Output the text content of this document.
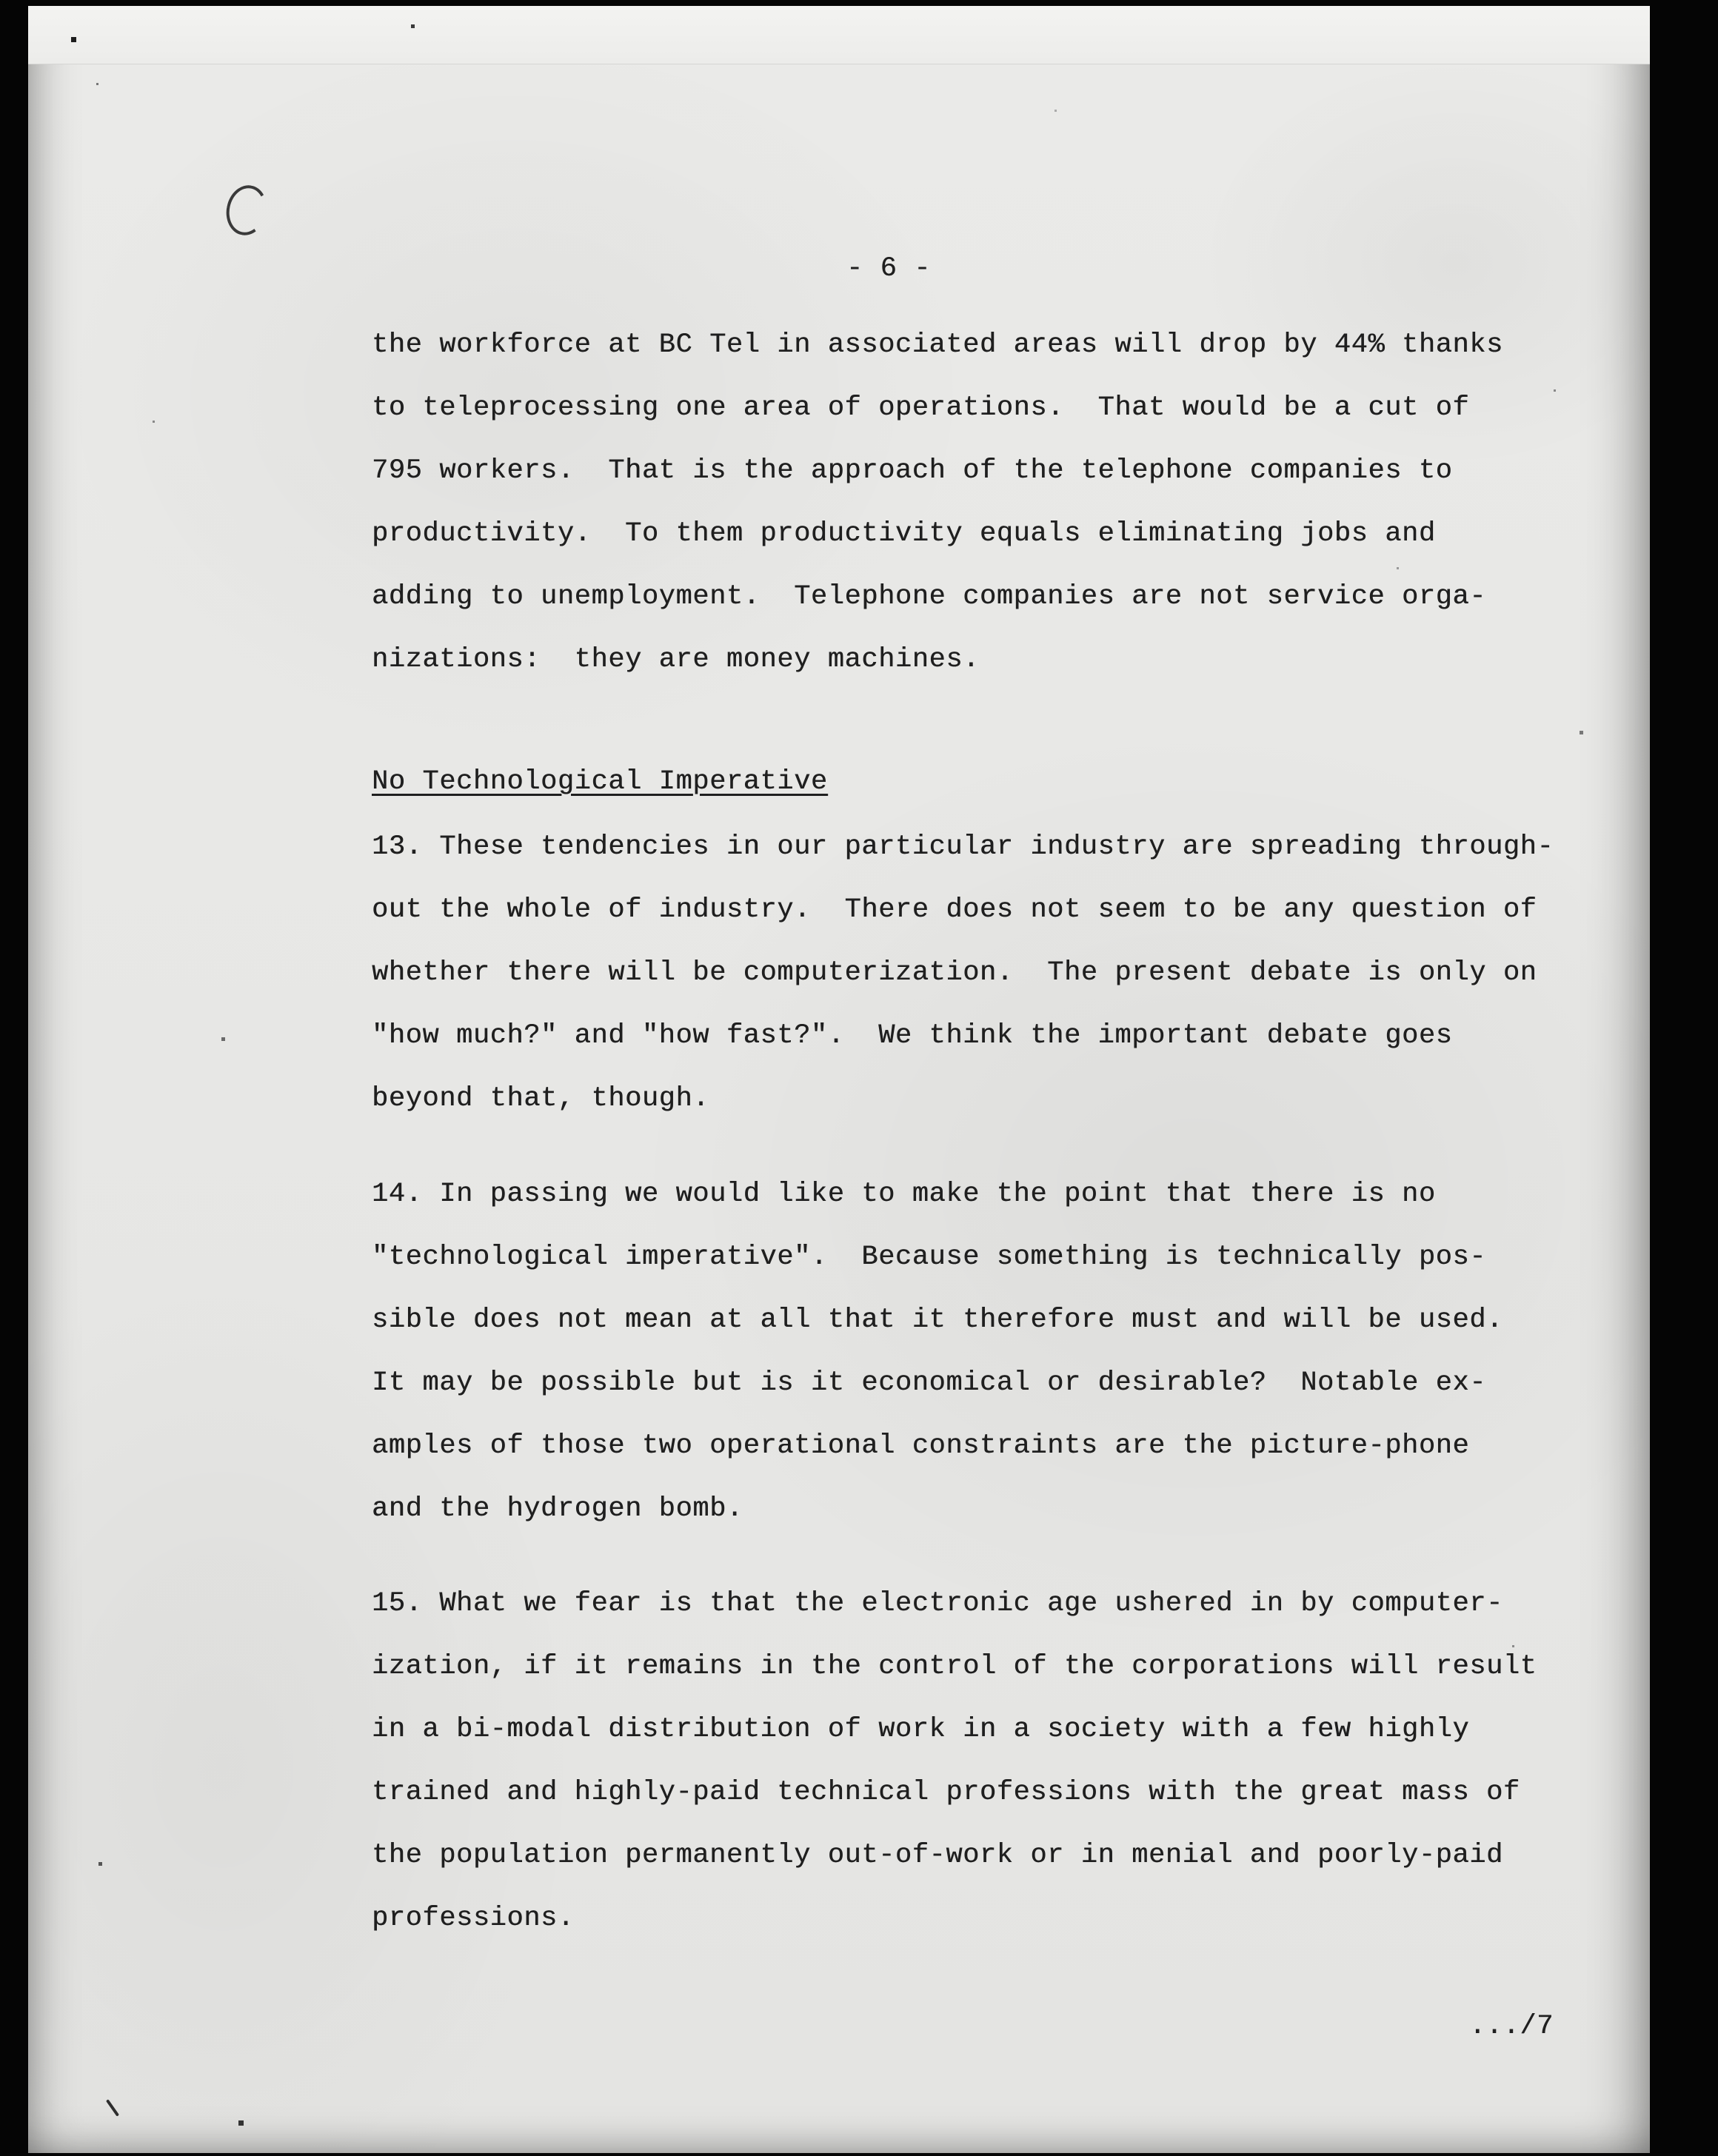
- 6 -
the workforce at BC Tel in associated areas will drop by 44% thanks
to teleprocessing one area of operations.  That would be a cut of
795 workers.  That is the approach of the telephone companies to
productivity.  To them productivity equals eliminating jobs and
adding to unemployment.  Telephone companies are not service orga-
nizations:  they are money machines.
No Technological Imperative
13. These tendencies in our particular industry are spreading through-
out the whole of industry.  There does not seem to be any question of
whether there will be computerization.  The present debate is only on
"how much?" and "how fast?".  We think the important debate goes
beyond that, though.
14. In passing we would like to make the point that there is no
"technological imperative".  Because something is technically pos-
sible does not mean at all that it therefore must and will be used.
It may be possible but is it economical or desirable?  Notable ex-
amples of those two operational constraints are the picture-phone
and the hydrogen bomb.
15. What we fear is that the electronic age ushered in by computer-
ization, if it remains in the control of the corporations will result
in a bi-modal distribution of work in a society with a few highly
trained and highly-paid technical professions with the great mass of
the population permanently out-of-work or in menial and poorly-paid
professions.
.../7
